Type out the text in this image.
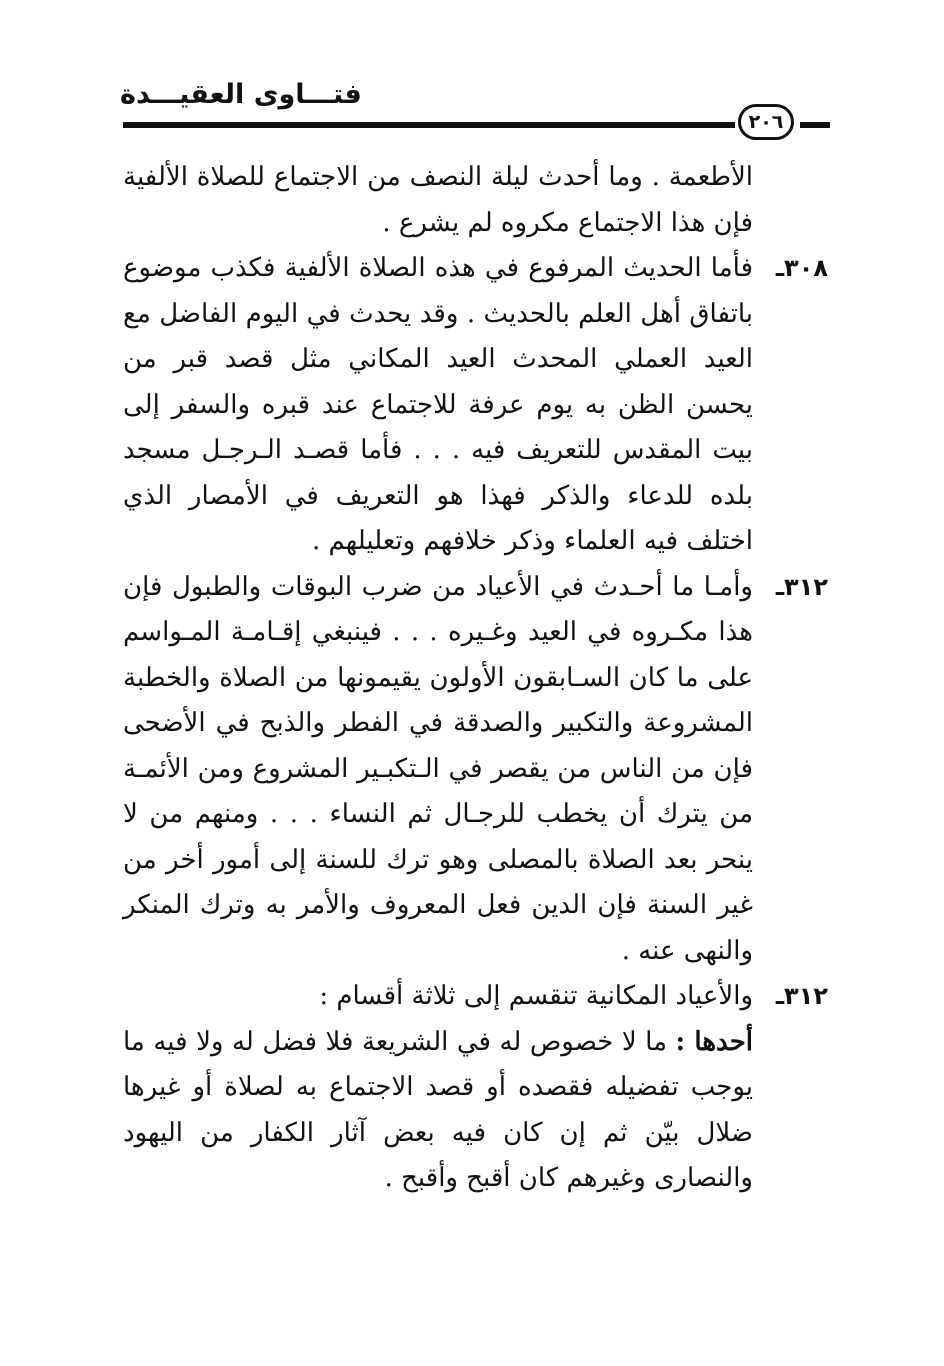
فتـــاوى العقيـــدة
٢٠٦

الأطعمة . وما أحدث ليلة النصف من الاجتماع للصلاة الألفية فإن هذا الاجتماع مكروه لم يشرع .

٣٠٨ـ
فأما الحديث المرفوع في هذه الصلاة الألفية فكذب موضوع باتفاق أهل العلم بالحديث . وقد يحدث في اليوم الفاضل مع العيد العملي المحدث العيد المكاني مثل قصد قبر من يحسن الظن به يوم عرفة للاجتماع عند قبره والسفر إلى بيت المقدس للتعريف فيه . . . فأما قصـد الـرجـل مسجد بلده للدعاء والذكر فهذا هو التعريف في الأمصار الذي اختلف فيه العلماء وذكر خلافهم وتعليلهم .

٣١٢ـ
وأمـا ما أحـدث في الأعياد من ضرب البوقات والطبول فإن هذا مكـروه في العيد وغـيره . . . فينبغي إقـامـة المـواسم على ما كان السـابقون الأولون يقيمونها من الصلاة والخطبة المشروعة والتكبير والصدقة في الفطر والذبح في الأضحى فإن من الناس من يقصر في الـتكبـير المشروع ومن الأئمـة من يترك أن يخطب للرجـال ثم النساء . . . ومنهم من لا ينحر بعد الصلاة بالمصلى وهو ترك للسنة إلى أمور أخر من غير السنة فإن الدين فعل المعروف والأمر به وترك المنكر والنهى عنه .

٣١٢ـ
والأعياد المكانية تنقسم إلى ثلاثة أقسام :

أحدها : ما لا خصوص له في الشريعة فلا فضل له ولا فيه ما يوجب تفضيله فقصده أو قصد الاجتماع به لصلاة أو غيرها ضلال بيّن ثم إن كان فيه بعض آثار الكفار من اليهود والنصارى وغيرهم كان أقبح وأقبح .
